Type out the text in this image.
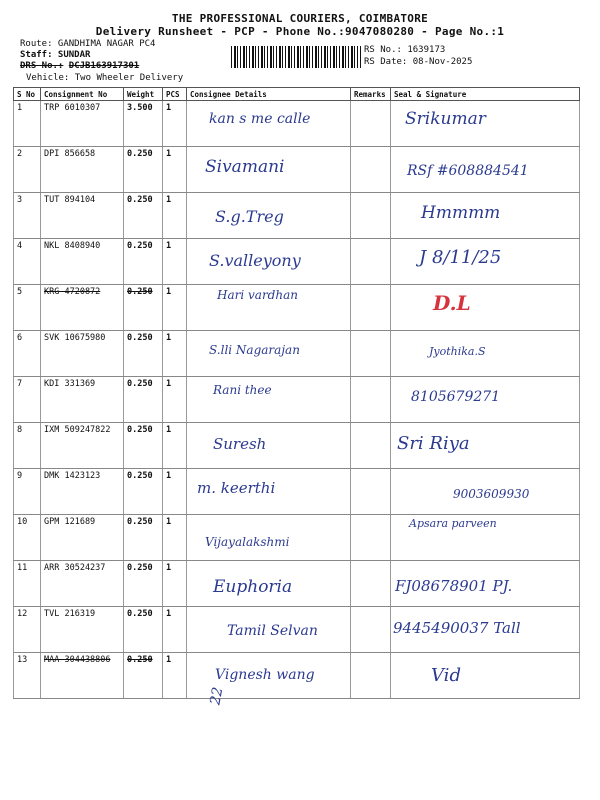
THE PROFESSIONAL COURIERS, COIMBATORE
Delivery Runsheet - PCP - Phone No.:9047080280 - Page No.:1
Route: GANDHIMA NAGAR PC4
Staff: SUNDAR
DRS No.: DCJB163917301
Vehicle: Two Wheeler Delivery
RS No.: 1639173
RS Date: 08-Nov-2025
S No	Consignment No	Weight	PCS	Consignee Details	Remarks	Seal & Signature
1	TRP 6010307	3.500	1	kan s me calle		Srikumar

2	DPI 856658	0.250	1	Sivamani		RSf #608884541

3	TUT 894104	0.250	1	S.g.Treg		Hmmmm

4	NKL 8408940	0.250	1	S.valleyony		J 8/11/25

5	KRG 4720872	0.250	1	Hari vardhan		D.L

6	SVK 10675980	0.250	1	S.lli Nagarajan		Jyothika.S

7	KDI 331369	0.250	1	Rani thee		8105679271

8	IXM 509247822	0.250	1	Suresh		Sri Riya

9	DMK 1423123	0.250	1	m. keerthi		9003609930

10	GPM 121689	0.250	1	Vijayalakshmi		Apsara parveen

11	ARR 30524237	0.250	1	Euphoria		FJ08678901 PJ.

12	TVL 216319	0.250	1	Tamil Selvan		9445490037 Tall

13	MAA 304438806	0.250	1	Vignesh wang		Vid
22
